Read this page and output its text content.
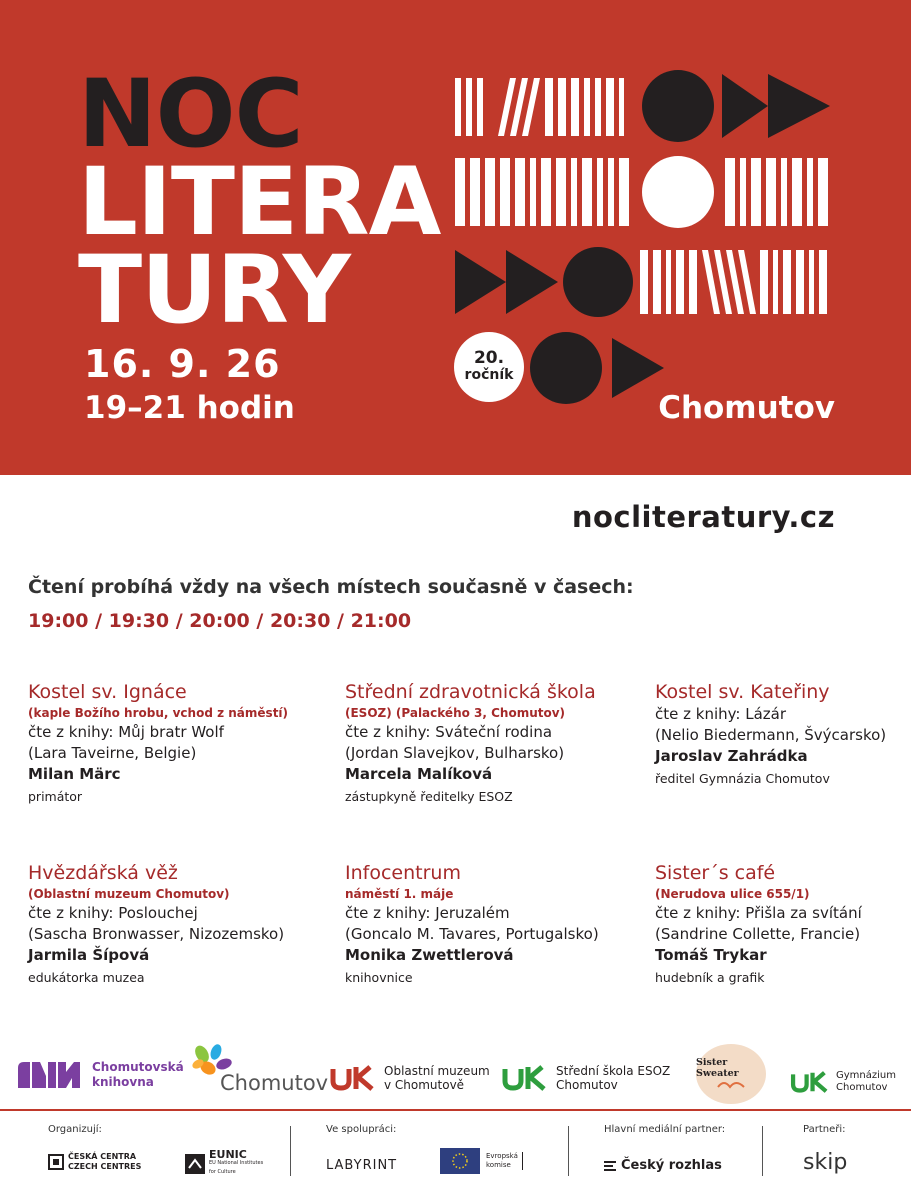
NOC
LITERA
TURY
20.
ročník
16. 9. 26
19–21 hodin	Chomutov
nocliteratury.cz
Čtení probíhá vždy na všech místech současně v časech:
19:00 / 19:30 / 20:00 / 20:30 / 21:00
Kostel sv. Ignáce
(kaple Božího hrobu, vchod z náměstí)
čte z knihy: Můj bratr Wolf
(Lara Taveirne, Belgie)
Milan Märc
primátor
Střední zdravotnická škola
(ESOZ) (Palackého 3, Chomutov)
čte z knihy: Sváteční rodina
(Jordan Slavejkov, Bulharsko)
Marcela Malíková
zástupkyně ředitelky ESOZ
Kostel sv. Kateřiny
čte z knihy: Lázár
(Nelio Biedermann, Švýcarsko)
Jaroslav Zahrádka
ředitel Gymnázia Chomutov
Hvězdářská věž
(Oblastní muzeum Chomutov)
čte z knihy: Poslouchej
(Sascha Bronwasser, Nizozemsko)
Jarmila Šípová
edukátorka muzea
Infocentrum
náměstí 1. máje
čte z knihy: Jeruzalém
(Goncalo M. Tavares, Portugalsko)
Monika Zwettlerová
knihovnice
Sister´s café
(Nerudova ulice 655/1)
čte z knihy: Přišla za svítání
(Sandrine Collette, Francie)
Tomáš Trykar
hudebník a grafik
Chomutovská
knihovna	Chomutov	Oblastní muzeum
v Chomutově
Střední škola ESOZ
Chomutov
Sister Sweater	Gymnázium
Chomutov
Organizují:	Ve spolupráci:	Hlavní mediální partner:	Partneři:
ČESKÁ CENTRA
CZECH CENTRES
EUNIC
EU National Institutes
for Culture	LABYRINT
Evropská
komise	Český rozhlas	skip
